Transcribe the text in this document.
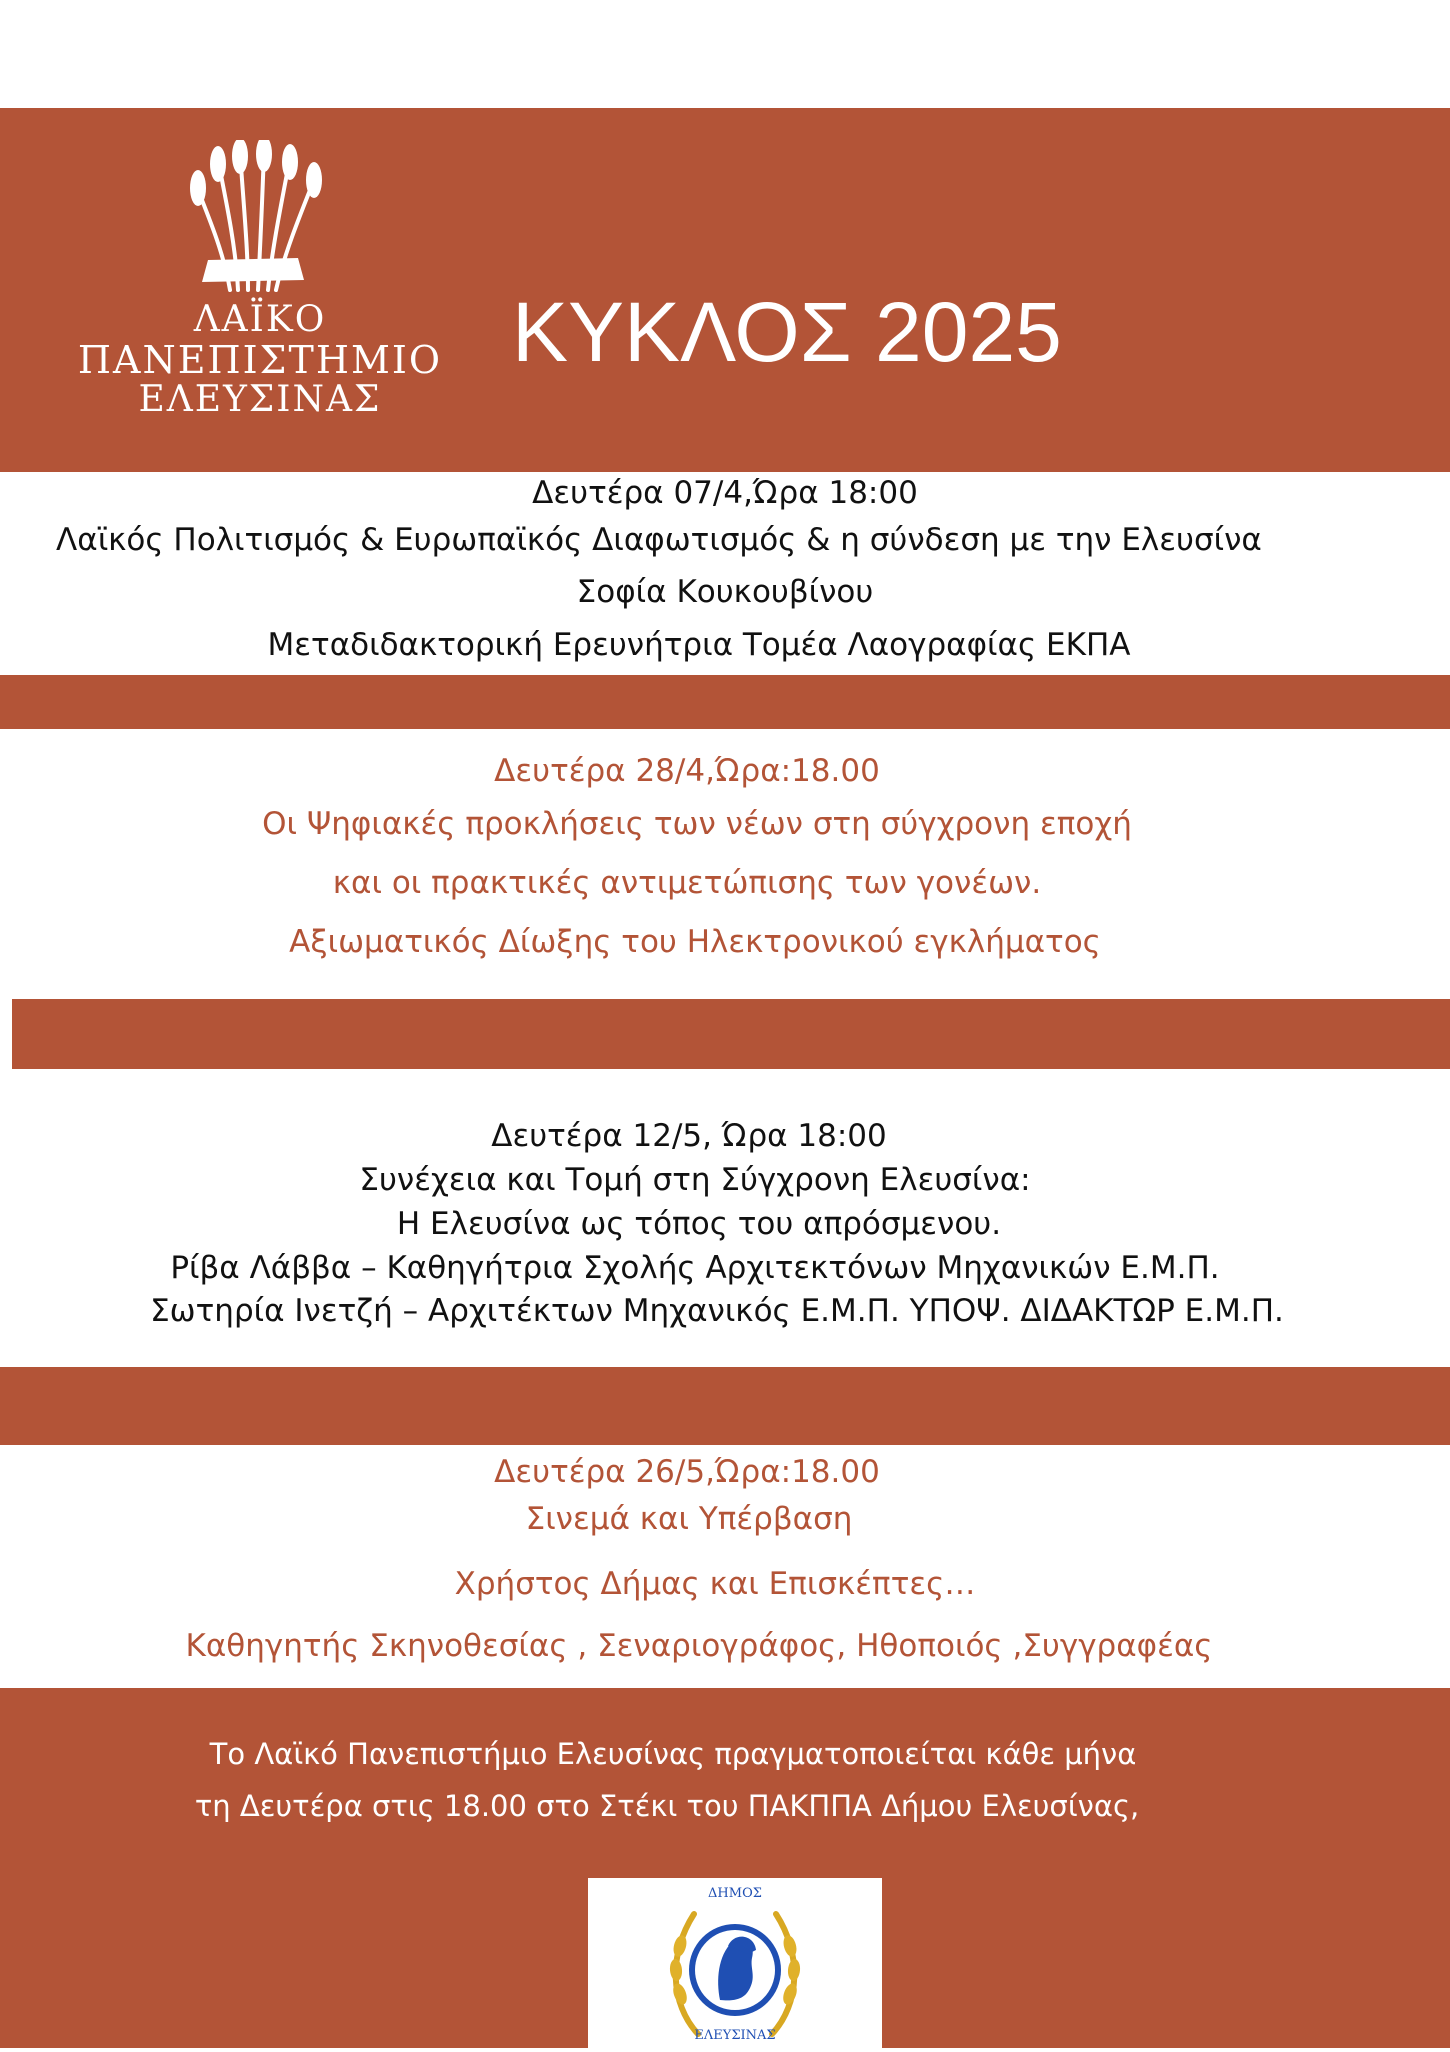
ΛΑΪΚΟ
ΠΑΝΕΠΙΣΤΗΜΙΟ
ΕΛΕΥΣΙΝΑΣ
ΚΥΚΛΟΣ 2025
Δευτέρα 07/4,Ώρα 18:00
Λαϊκός Πολιτισμός & Ευρωπαϊκός Διαφωτισμός & η σύνδεση με την Ελευσίνα
Σοφία Κουκουβίνου
Μεταδιδακτορική Ερευνήτρια Τομέα Λαογραφίας ΕΚΠΑ
Δευτέρα 28/4,Ώρα:18.00
Οι Ψηφιακές προκλήσεις των νέων στη σύγχρονη εποχή
και οι πρακτικές αντιμετώπισης των γονέων.
Αξιωματικός Δίωξης του Ηλεκτρονικού εγκλήματος
Δευτέρα 12/5, Ώρα 18:00
Συνέχεια και Τομή στη Σύγχρονη Ελευσίνα:
Η Ελευσίνα ως τόπος του απρόσμενου.
Ρίβα Λάββα – Καθηγήτρια Σχολής Αρχιτεκτόνων Μηχανικών Ε.Μ.Π.
Σωτηρία Ινετζή – Αρχιτέκτων Μηχανικός Ε.Μ.Π. ΥΠΟΨ. ΔΙΔΑΚΤΩΡ Ε.Μ.Π.
Δευτέρα 26/5,Ώρα:18.00
Σινεμά και Υπέρβαση
Χρήστος Δήμας και Επισκέπτες…
Καθηγητής Σκηνοθεσίας , Σεναριογράφος, Ηθοποιός ,Συγγραφέας
Το Λαϊκό Πανεπιστήμιο Ελευσίνας πραγματοποιείται κάθε μήνα
τη Δευτέρα στις 18.00 στο Στέκι του ΠΑΚΠΠΑ Δήμου Ελευσίνας,
ΔΗΜΟΣ
ΕΛΕΥΣΙΝΑΣ
